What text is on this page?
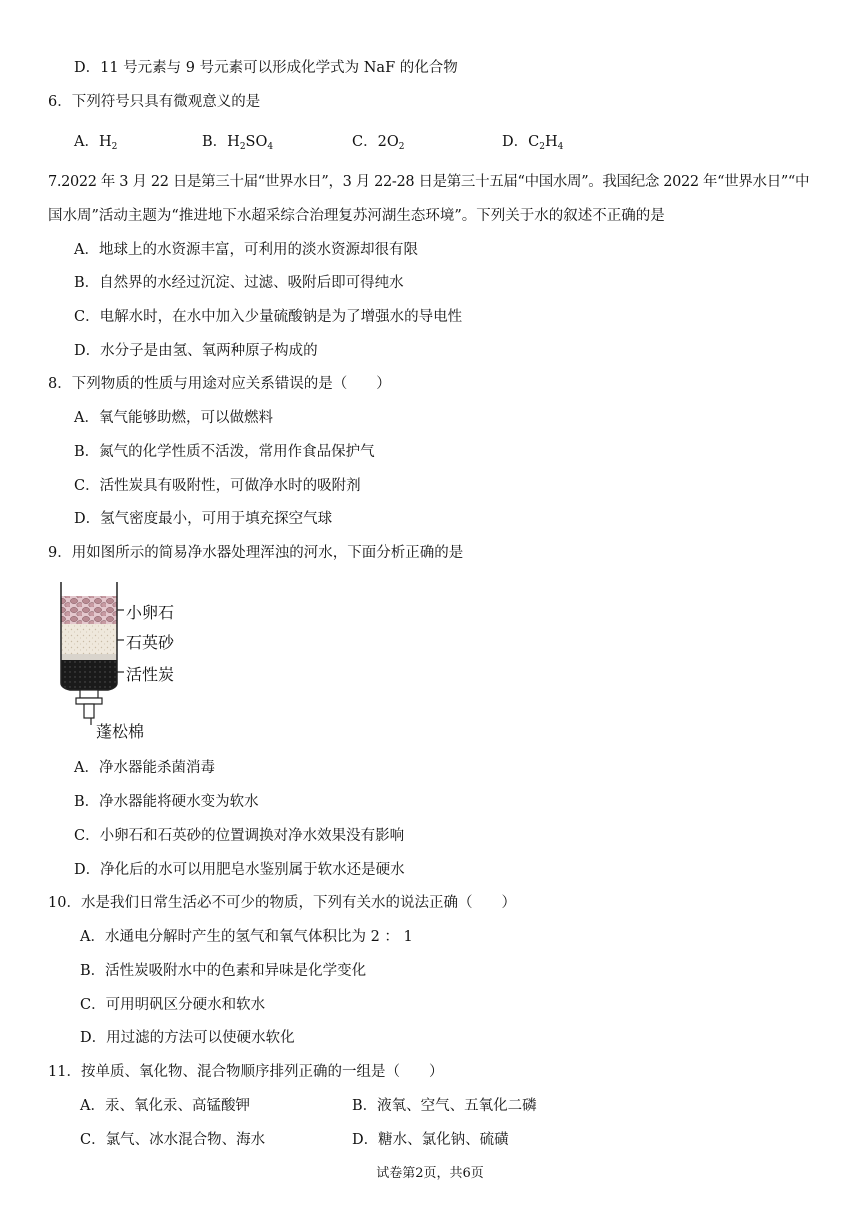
D．11 号元素与 9 号元素可以形成化学式为 NaF 的化合物
6．下列符号只具有微观意义的是
A．$H_2$	B．$H_2SO_4$	C．$2O_2$	D．$C_2H_4$
7.2022 年 3 月 22 日是第三十届“世界水日”，3 月 22-28 日是第三十五届“中国水周”。我国纪念 2022 年“世界水日”“中
国水周”活动主题为“推进地下水超采综合治理复苏河湖生态环境”。下列关于水的叙述不正确的是
A．地球上的水资源丰富，可利用的淡水资源却很有限
B．自然界的水经过沉淀、过滤、吸附后即可得纯水
C．电解水时，在水中加入少量硫酸钠是为了增强水的导电性
D．水分子是由氢、氧两种原子构成的
8．下列物质的性质与用途对应关系错误的是（　　）
A．氧气能够助燃，可以做燃料
B．氮气的化学性质不活泼，常用作食品保护气
C．活性炭具有吸附性，可做净水时的吸附剂
D．氢气密度最小，可用于填充探空气球
9．用如图所示的简易净水器处理浑浊的河水，下面分析正确的是
小卵石
石英砂
活性炭
蓬松棉
A．净水器能杀菌消毒
B．净水器能将硬水变为软水
C．小卵石和石英砂的位置调换对净水效果没有影响
D．净化后的水可以用肥皂水鉴别属于软水还是硬水
10．水是我们日常生活必不可少的物质，下列有关水的说法正确（　　）
A．水通电分解时产生的氢气和氧气体积比为 2 ： 1
B．活性炭吸附水中的色素和异味是化学变化
C．可用明矾区分硬水和软水
D．用过滤的方法可以使硬水软化
11．按单质、氧化物、混合物顺序排列正确的一组是（　　）
A．汞、氧化汞、高锰酸钾	B．液氧、空气、五氧化二磷
C．氯气、冰水混合物、海水	D．糖水、氯化钠、硫磺
试卷第2页，共6页
